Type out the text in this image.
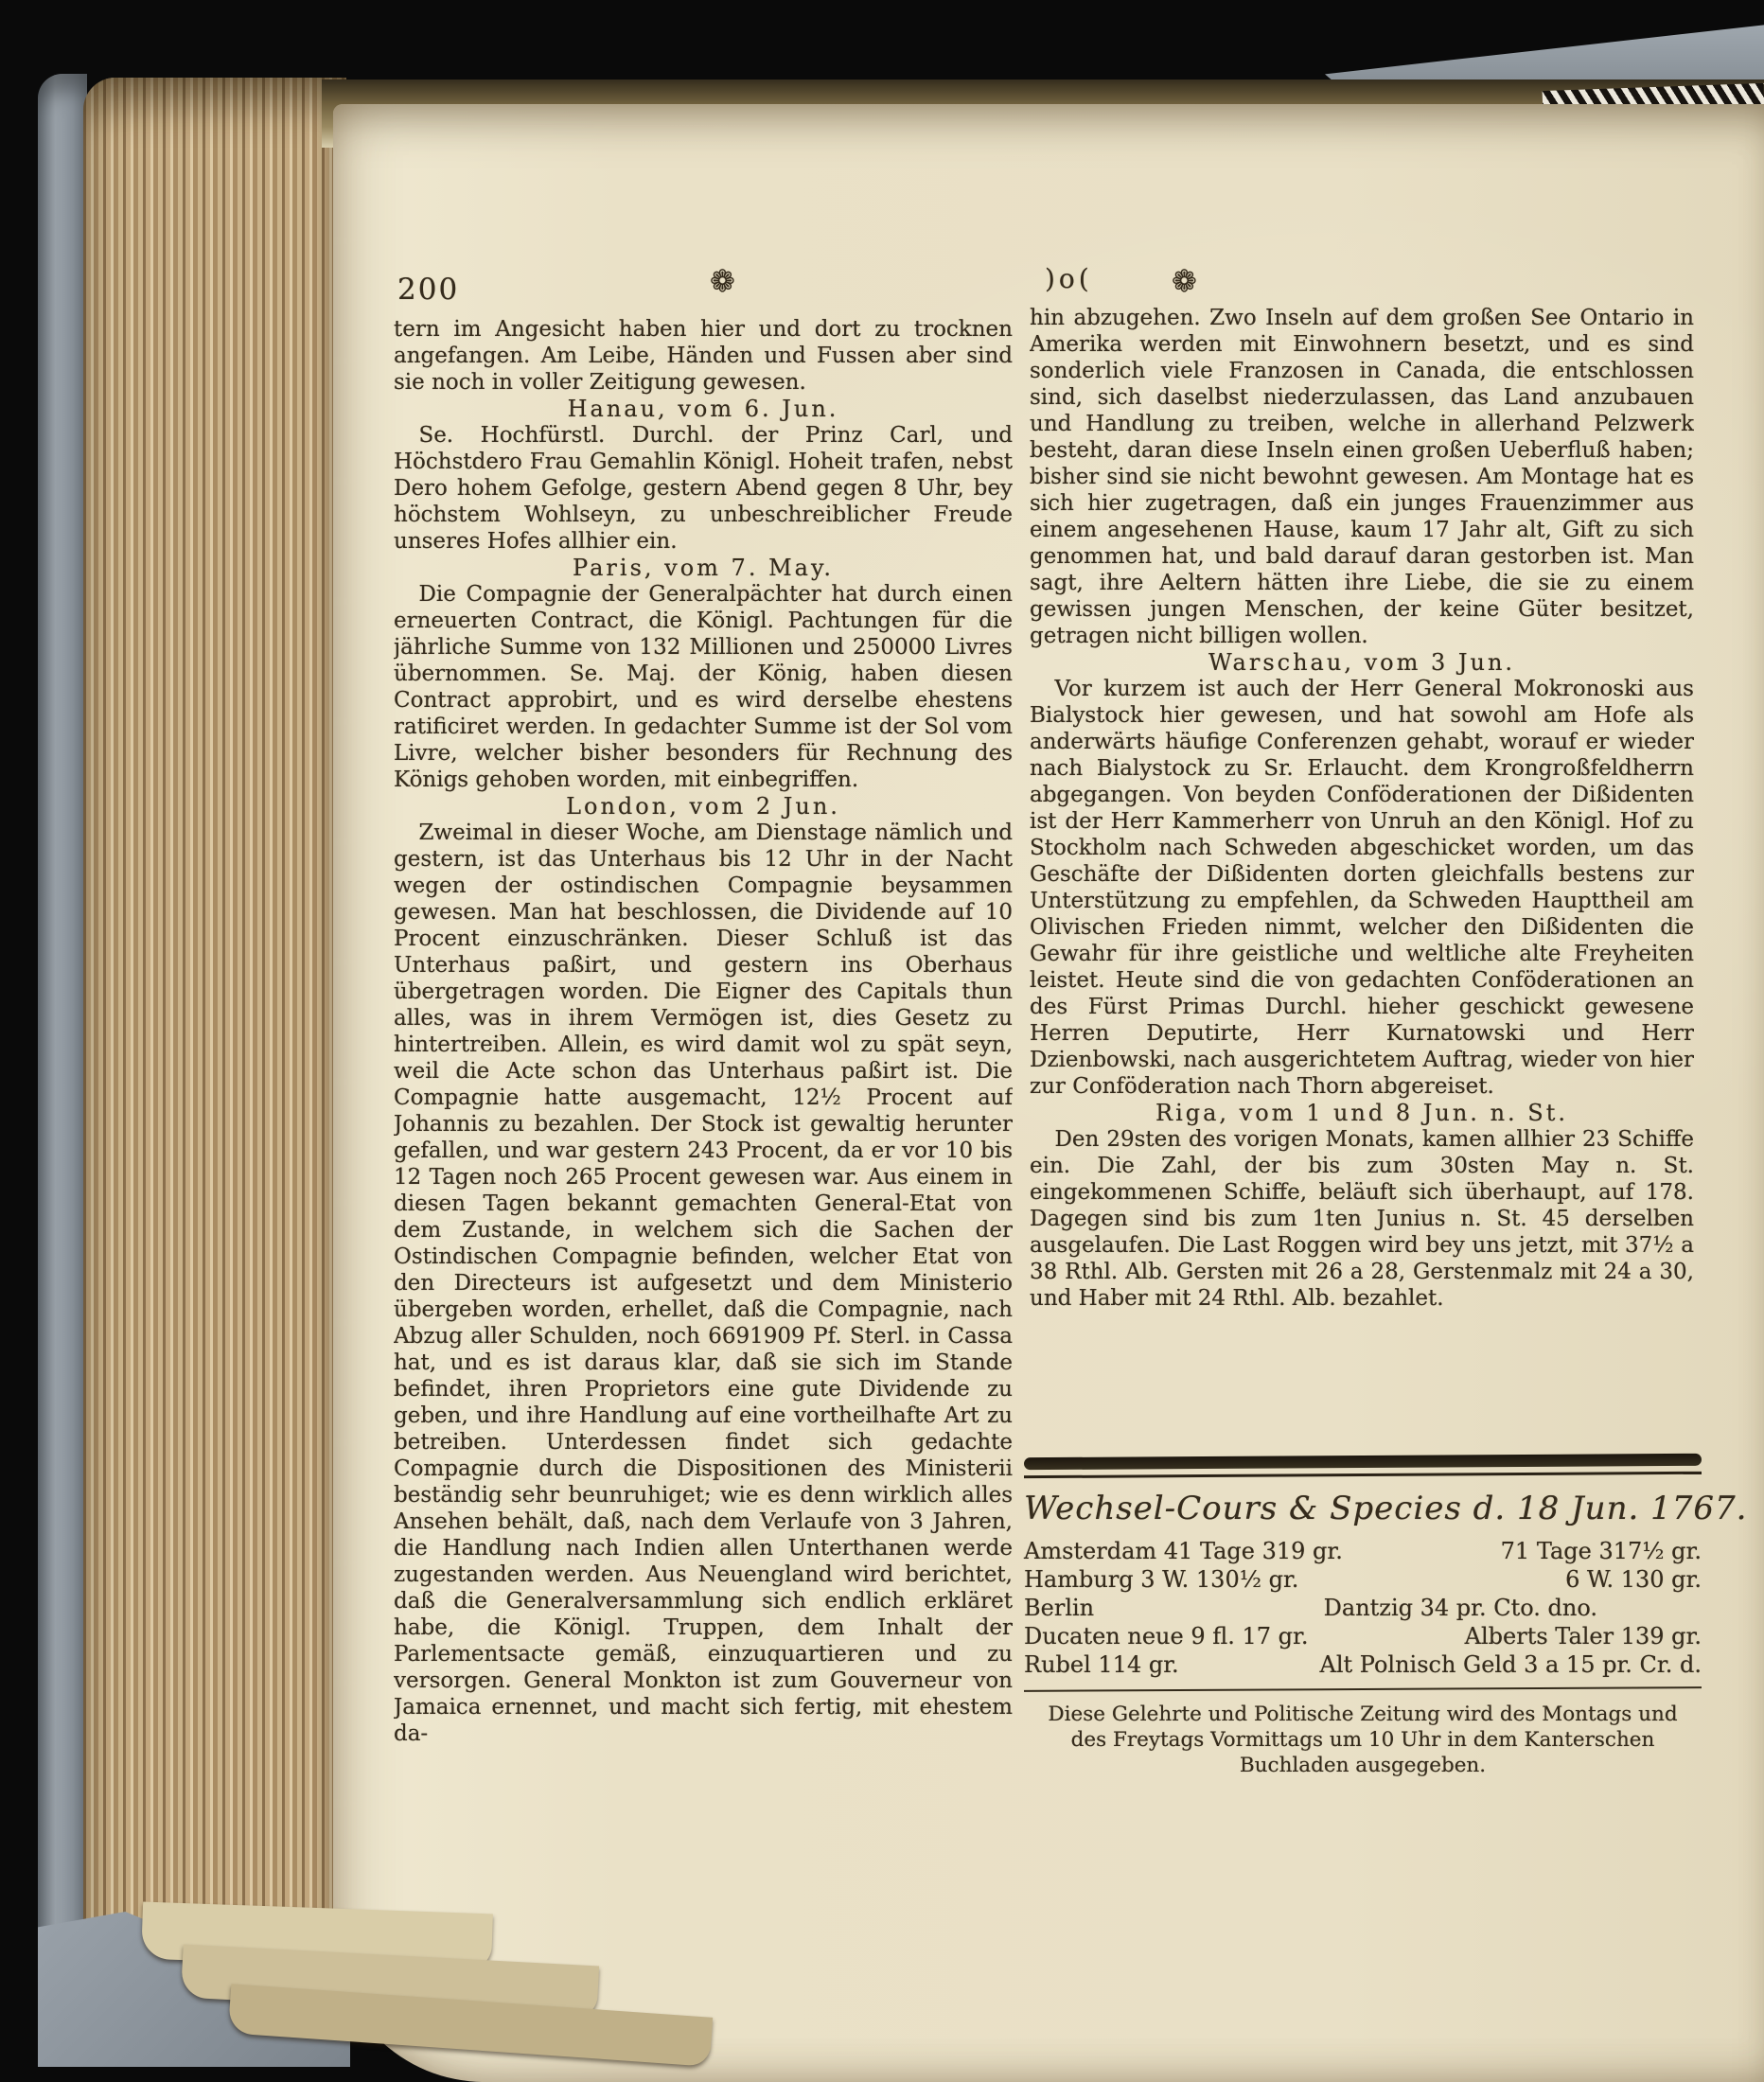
200	❁	)o(	❁

tern im Angesicht haben hier und dort zu trocknen angefangen. Am Leibe, Händen und Fussen aber sind sie noch in voller Zeitigung gewesen.

Hanau, vom 6. Jun.

Se. Hochfürstl. Durchl. der Prinz Carl, und Höchstdero Frau Gemahlin Königl. Hoheit trafen, nebst Dero hohem Gefolge, gestern Abend gegen 8 Uhr, bey höchstem Wohlseyn, zu unbeschreiblicher Freude unseres Hofes allhier ein.

Paris, vom 7. May.

Die Compagnie der Generalpächter hat durch einen erneuerten Contract, die Königl. Pachtungen für die jährliche Summe von 132 Millionen und 250000 Livres übernommen. Se. Maj. der König, haben diesen Contract approbirt, und es wird derselbe ehestens ratificiret werden. In gedachter Summe ist der Sol vom Livre, welcher bisher besonders für Rechnung des Königs gehoben worden, mit einbegriffen.

London, vom 2 Jun.

Zweimal in dieser Woche, am Dienstage nämlich und gestern, ist das Unterhaus bis 12 Uhr in der Nacht wegen der ostindischen Compagnie beysammen gewesen. Man hat beschlossen, die Dividende auf 10 Procent einzuschränken. Dieser Schluß ist das Unterhaus paßirt, und gestern ins Oberhaus übergetragen worden. Die Eigner des Capitals thun alles, was in ihrem Vermögen ist, dies Gesetz zu hintertreiben. Allein, es wird damit wol zu spät seyn, weil die Acte schon das Unterhaus paßirt ist. Die Compagnie hatte ausgemacht, 12½ Procent auf Johannis zu bezahlen. Der Stock ist gewaltig herunter gefallen, und war gestern 243 Procent, da er vor 10 bis 12 Tagen noch 265 Procent gewesen war. Aus einem in diesen Tagen bekannt gemachten General-Etat von dem Zustande, in welchem sich die Sachen der Ostindischen Compagnie befinden, welcher Etat von den Directeurs ist aufgesetzt und dem Ministerio übergeben worden, erhellet, daß die Compagnie, nach Abzug aller Schulden, noch 6691909 Pf. Sterl. in Cassa hat, und es ist daraus klar, daß sie sich im Stande befindet, ihren Proprietors eine gute Dividende zu geben, und ihre Handlung auf eine vortheilhafte Art zu betreiben. Unterdessen findet sich gedachte Compagnie durch die Dispositionen des Ministerii beständig sehr beunruhiget; wie es denn wirklich alles Ansehen behält, daß, nach dem Verlaufe von 3 Jahren, die Handlung nach Indien allen Unterthanen werde zugestanden werden. Aus Neuengland wird berichtet, daß die Generalversammlung sich endlich erkläret habe, die Königl. Truppen, dem Inhalt der Parlementsacte gemäß, einzuquartieren und zu versorgen. General Monkton ist zum Gouverneur von Jamaica ernennet, und macht sich fertig, mit ehestem da-

hin abzugehen. Zwo Inseln auf dem großen See Ontario in Amerika werden mit Einwohnern besetzt, und es sind sonderlich viele Franzosen in Canada, die entschlossen sind, sich daselbst niederzulassen, das Land anzubauen und Handlung zu treiben, welche in allerhand Pelzwerk besteht, daran diese Inseln einen großen Ueberfluß haben; bisher sind sie nicht bewohnt gewesen. Am Montage hat es sich hier zugetragen, daß ein junges Frauenzimmer aus einem angesehenen Hause, kaum 17 Jahr alt, Gift zu sich genommen hat, und bald darauf daran gestorben ist. Man sagt, ihre Aeltern hätten ihre Liebe, die sie zu einem gewissen jungen Menschen, der keine Güter besitzet, getragen nicht billigen wollen.

Warschau, vom 3 Jun.

Vor kurzem ist auch der Herr General Mokronoski aus Bialystock hier gewesen, und hat sowohl am Hofe als anderwärts häufige Conferenzen gehabt, worauf er wieder nach Bialystock zu Sr. Erlaucht. dem Krongroßfeldherrn abgegangen. Von beyden Conföderationen der Dißidenten ist der Herr Kammerherr von Unruh an den Königl. Hof zu Stockholm nach Schweden abgeschicket worden, um das Geschäfte der Dißidenten dorten gleichfalls bestens zur Unterstützung zu empfehlen, da Schweden Haupttheil am Olivischen Frieden nimmt, welcher den Dißidenten die Gewahr für ihre geistliche und weltliche alte Freyheiten leistet. Heute sind die von gedachten Conföderationen an des Fürst Primas Durchl. hieher geschickt gewesene Herren Deputirte, Herr Kurnatowski und Herr Dzienbowski, nach ausgerichtetem Auftrag, wieder von hier zur Conföderation nach Thorn abgereiset.

Riga, vom 1 und 8 Jun. n. St.

Den 29sten des vorigen Monats, kamen allhier 23 Schiffe ein. Die Zahl, der bis zum 30sten May n. St. eingekommenen Schiffe, beläuft sich überhaupt, auf 178. Dagegen sind bis zum 1ten Junius n. St. 45 derselben ausgelaufen. Die Last Roggen wird bey uns jetzt, mit 37½ a 38 Rthl. Alb. Gersten mit 26 a 28, Gerstenmalz mit 24 a 30, und Haber mit 24 Rthl. Alb. bezahlet.

Wechsel-Cours & Species d. 18 Jun. 1767.
Amsterdam 41 Tage 319 gr.	71 Tage 317½ gr.
Hamburg 3 W. 130½ gr.	6 W. 130 gr.
Berlin	Dantzig 34 pr. Cto. dno.
Ducaten neue 9 fl. 17 gr.	Alberts Taler 139 gr.
Rubel 114 gr.	Alt Polnisch Geld 3 a 15 pr. Cr. d.
Diese Gelehrte und Politische Zeitung wird des Montags und des Freytags Vormittags um 10 Uhr in dem Kanterschen Buchladen ausgegeben.
